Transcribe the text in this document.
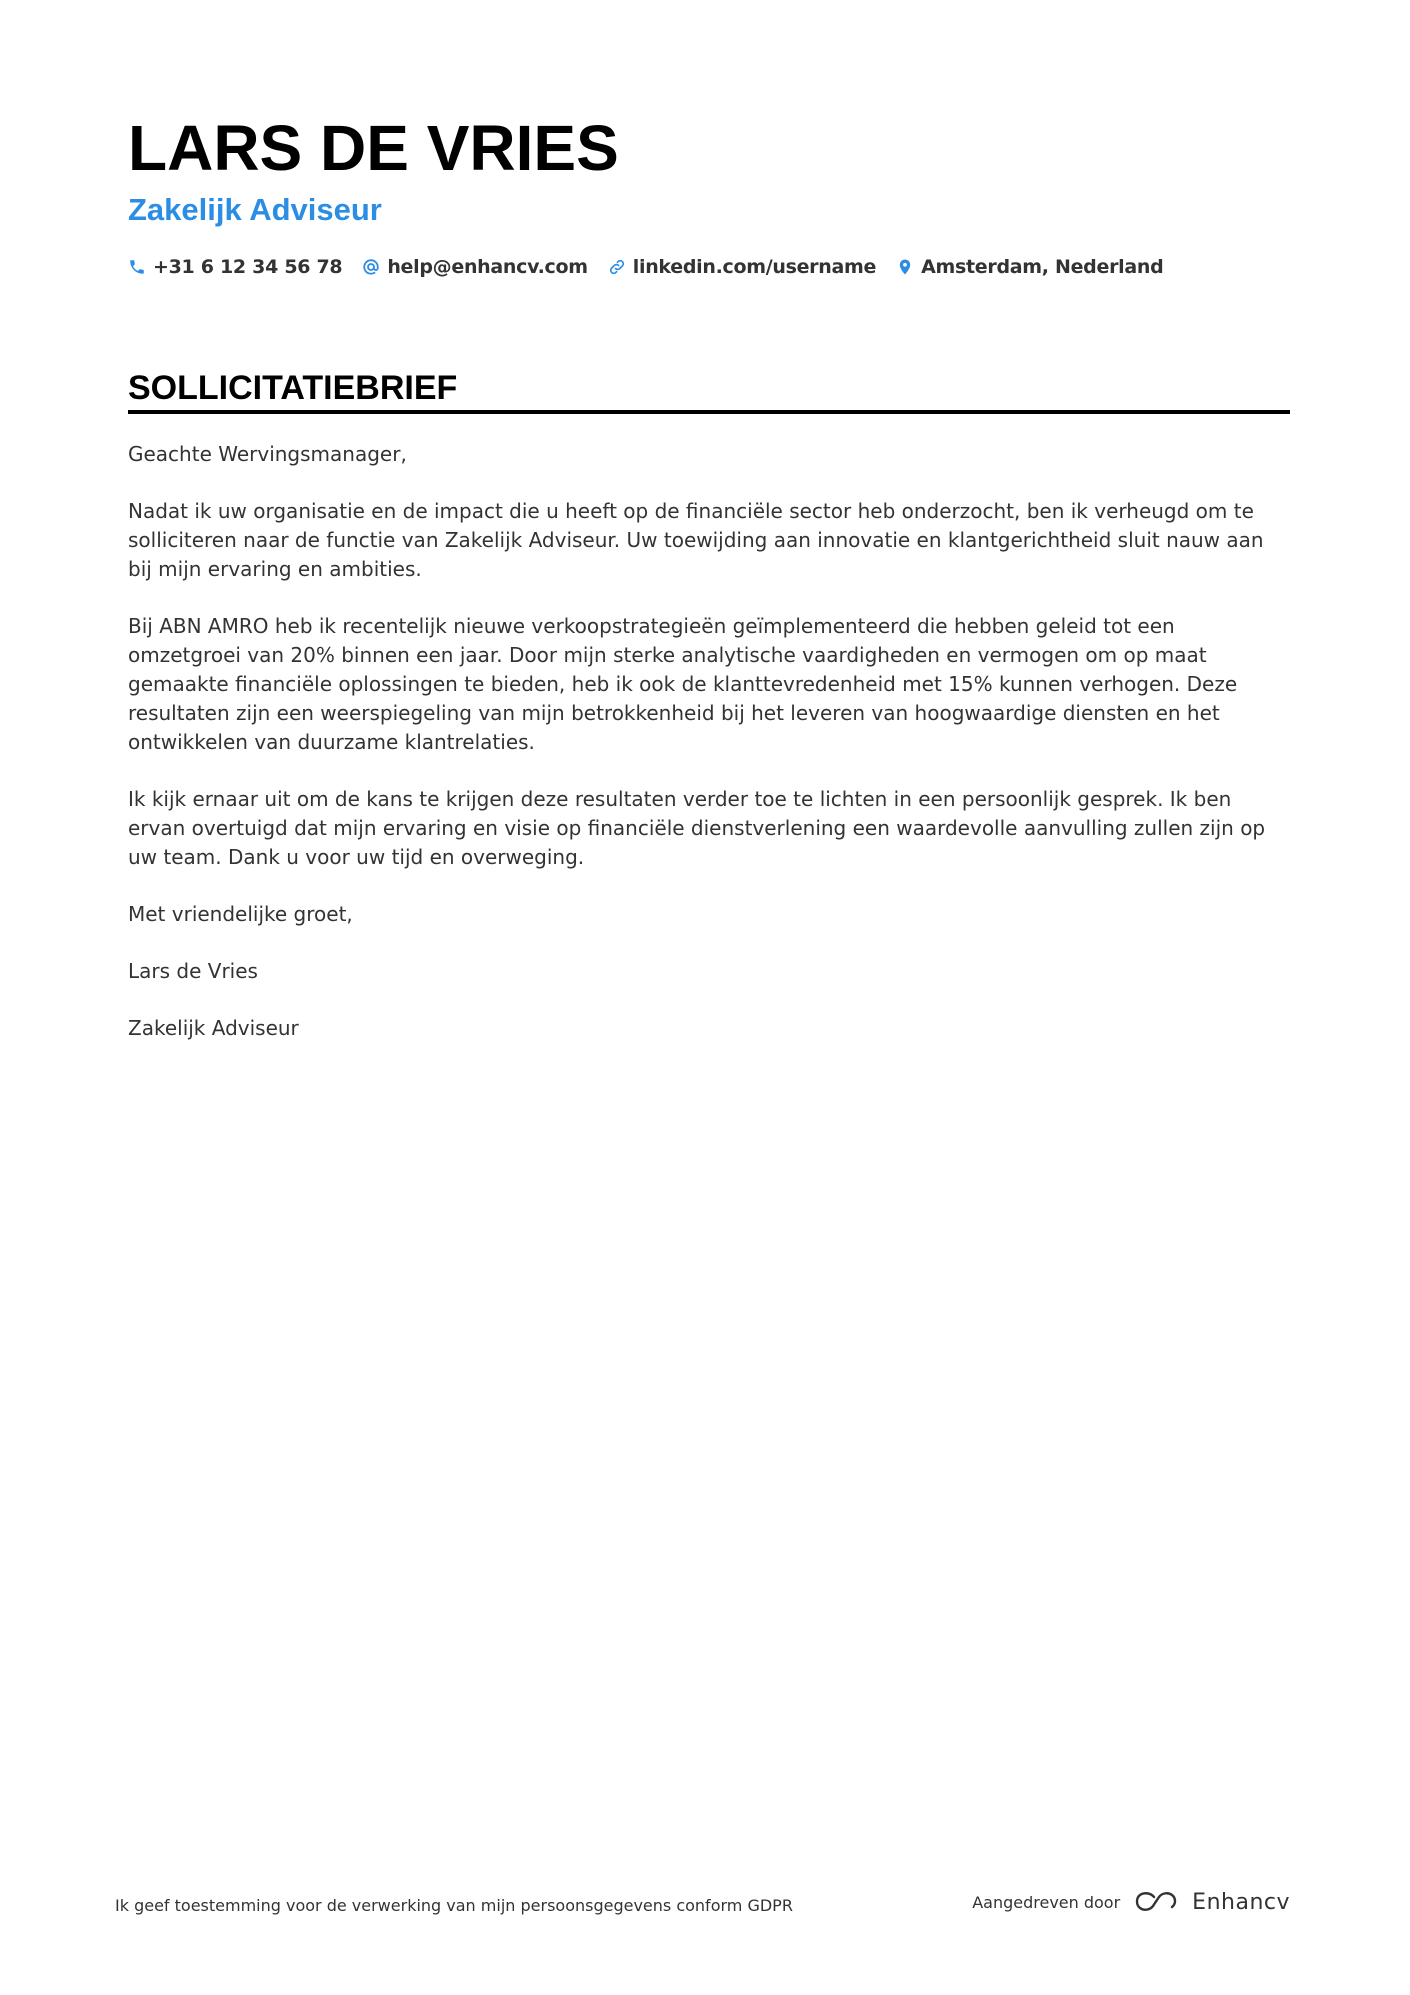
LARS DE VRIES
Zakelijk Adviseur
+31 6 12 34 56 78 help@enhancv.com linkedin.com/username Amsterdam, Nederland
SOLLICITATIEBRIEF

Geachte Wervingsmanager,

Nadat ik uw organisatie en de impact die u heeft op de financiële sector heb onderzocht, ben ik verheugd om te solliciteren naar de functie van Zakelijk Adviseur. Uw toewijding aan innovatie en klantgerichtheid sluit nauw aan bij mijn ervaring en ambities.

Bij ABN AMRO heb ik recentelijk nieuwe verkoopstrategieën geïmplementeerd die hebben geleid tot een omzetgroei van 20% binnen een jaar. Door mijn sterke analytische vaardigheden en vermogen om op maat gemaakte financiële oplossingen te bieden, heb ik ook de klanttevredenheid met 15% kunnen verhogen. Deze resultaten zijn een weerspiegeling van mijn betrokkenheid bij het leveren van hoogwaardige diensten en het ontwikkelen van duurzame klantrelaties.

Ik kijk ernaar uit om de kans te krijgen deze resultaten verder toe te lichten in een persoonlijk gesprek. Ik ben ervan overtuigd dat mijn ervaring en visie op financiële dienstverlening een waardevolle aanvulling zullen zijn op uw team. Dank u voor uw tijd en overweging.

Met vriendelijke groet,

Lars de Vries

Zakelijk Adviseur

Ik geef toestemming voor de verwerking van mijn persoonsgegevens conform GDPR	Aangedreven door	Enhancv
